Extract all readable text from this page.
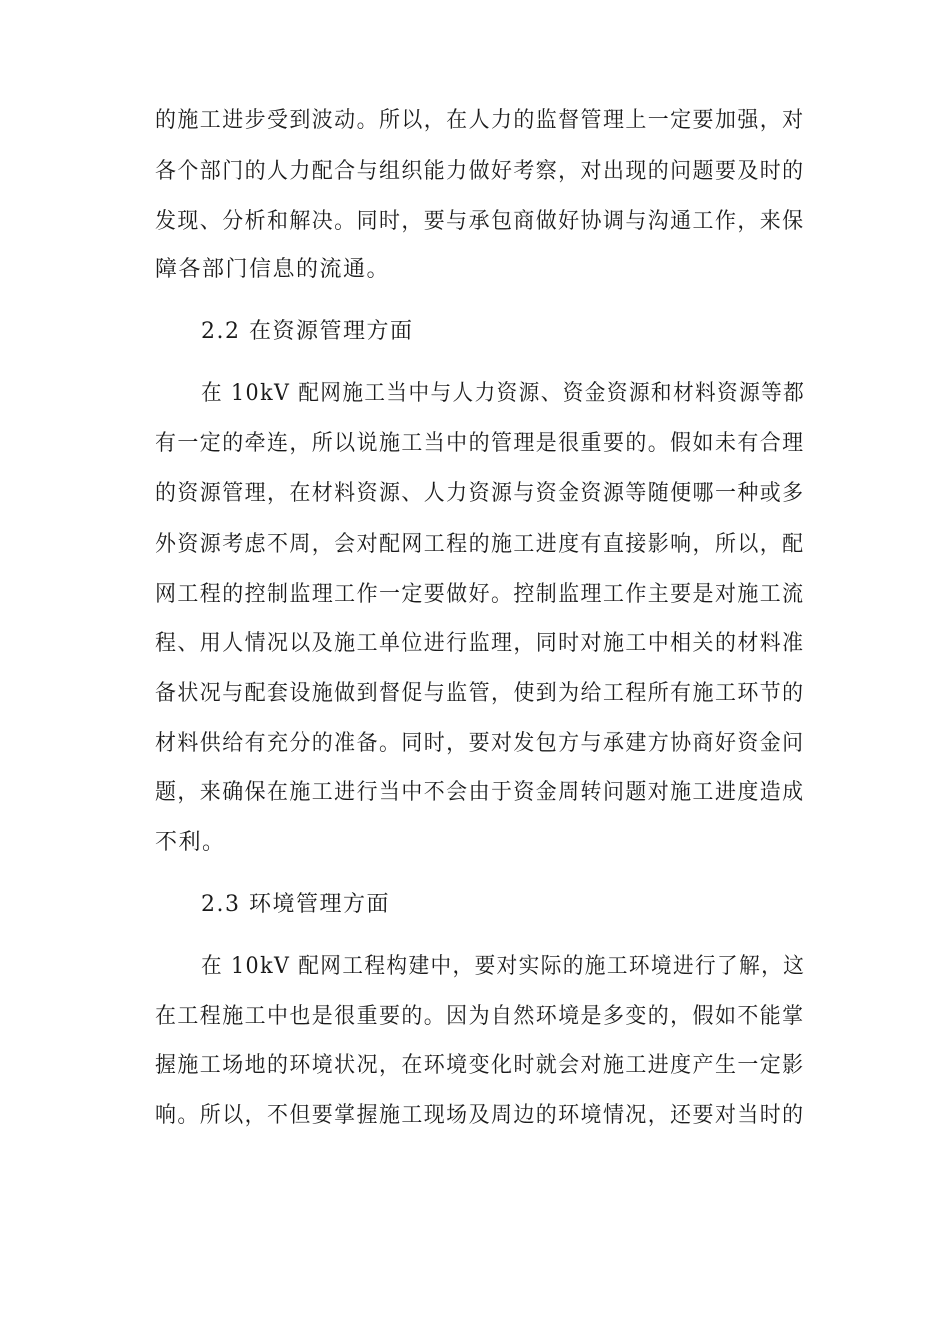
的施工进步受到波动。所以，在人力的监督管理上一定要加强，对
各个部门的人力配合与组织能力做好考察，对出现的问题要及时的
发现、分析和解决。同时，要与承包商做好协调与沟通工作，来保
障各部门信息的流通。
2.2 在资源管理方面
在 10kV 配网施工当中与人力资源、资金资源和材料资源等都
有一定的牵连，所以说施工当中的管理是很重要的。假如未有合理
的资源管理，在材料资源、人力资源与资金资源等随便哪一种或多
外资源考虑不周，会对配网工程的施工进度有直接影响，所以，配
网工程的控制监理工作一定要做好。控制监理工作主要是对施工流
程、用人情况以及施工单位进行监理，同时对施工中相关的材料准
备状况与配套设施做到督促与监管，使到为给工程所有施工环节的
材料供给有充分的准备。同时，要对发包方与承建方协商好资金问
题，来确保在施工进行当中不会由于资金周转问题对施工进度造成
不利。
2.3 环境管理方面
在 10kV 配网工程构建中，要对实际的施工环境进行了解，这
在工程施工中也是很重要的。因为自然环境是多变的，假如不能掌
握施工场地的环境状况，在环境变化时就会对施工进度产生一定影
响。所以，不但要掌握施工现场及周边的环境情况，还要对当时的
